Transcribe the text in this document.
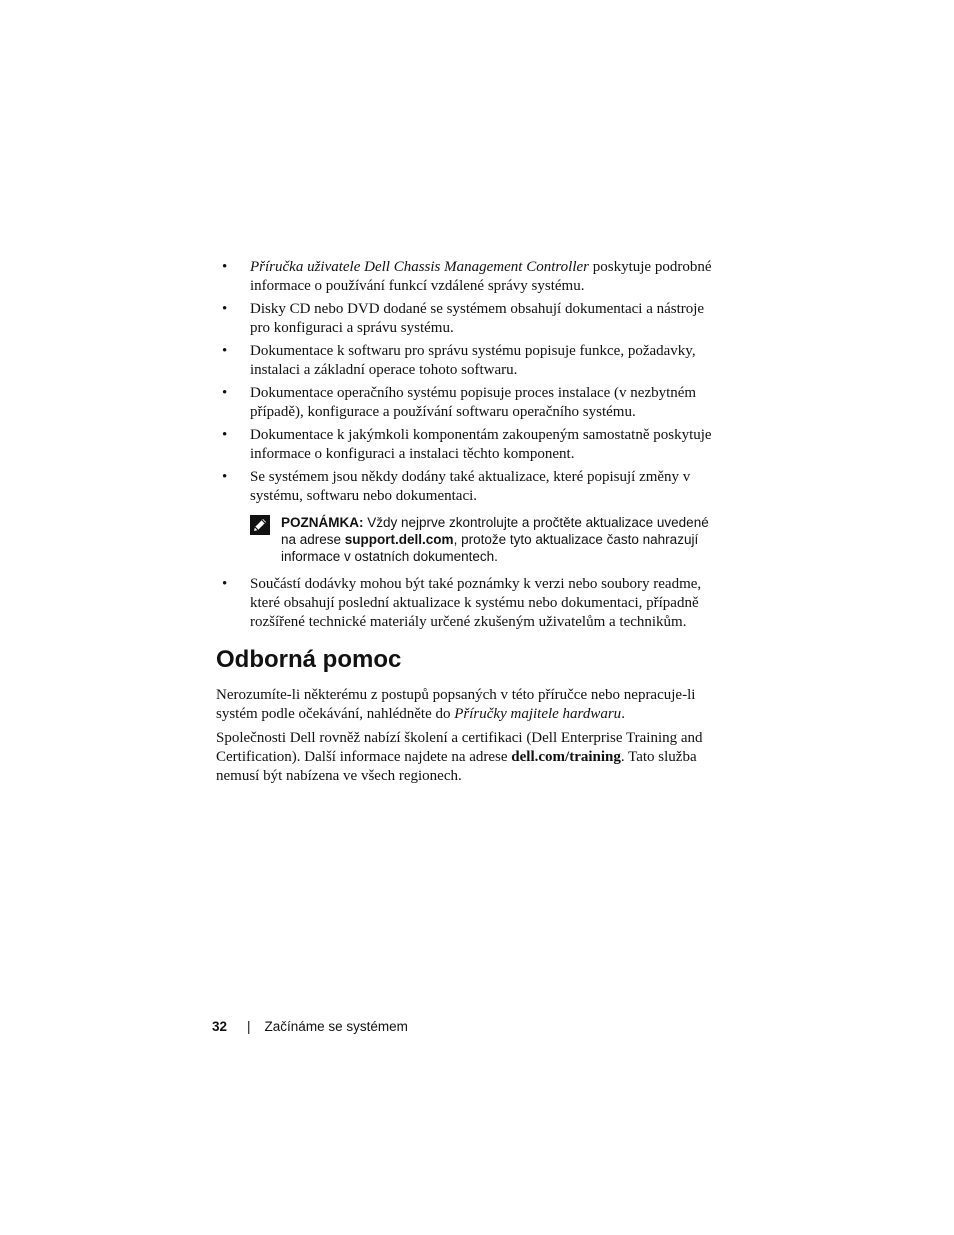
• Příručka uživatele Dell Chassis Management Controller poskytuje podrobné informace o používání funkcí vzdálené správy systému.
• Disky CD nebo DVD dodané se systémem obsahují dokumentaci a nástroje pro konfiguraci a správu systému.
• Dokumentace k softwaru pro správu systému popisuje funkce, požadavky, instalaci a základní operace tohoto softwaru.
• Dokumentace operačního systému popisuje proces instalace (v nezbytném případě), konfigurace a používání softwaru operačního systému.
• Dokumentace k jakýmkoli komponentám zakoupeným samostatně poskytuje informace o konfiguraci a instalaci těchto komponent.
• Se systémem jsou někdy dodány také aktualizace, které popisují změny v systému, softwaru nebo dokumentaci.
POZNÁMKA: Vždy nejprve zkontrolujte a pročtěte aktualizace uvedené na adrese support.dell.com, protože tyto aktualizace často nahrazují informace v ostatních dokumentech.
• Součástí dodávky mohou být také poznámky k verzi nebo soubory readme, které obsahují poslední aktualizace k systému nebo dokumentaci, případně rozšířené technické materiály určené zkušeným uživatelům a technikům.
Odborná pomoc

Nerozumíte-li některému z postupů popsaných v této příručce nebo nepracuje-li systém podle očekávání, nahlédněte do Příručky majitele hardwaru.

Společnosti Dell rovněž nabízí školení a certifikaci (Dell Enterprise Training and Certification). Další informace najdete na adrese dell.com/training. Tato služba nemusí být nabízena ve všech regionech.

32 | Začínáme se systémem
